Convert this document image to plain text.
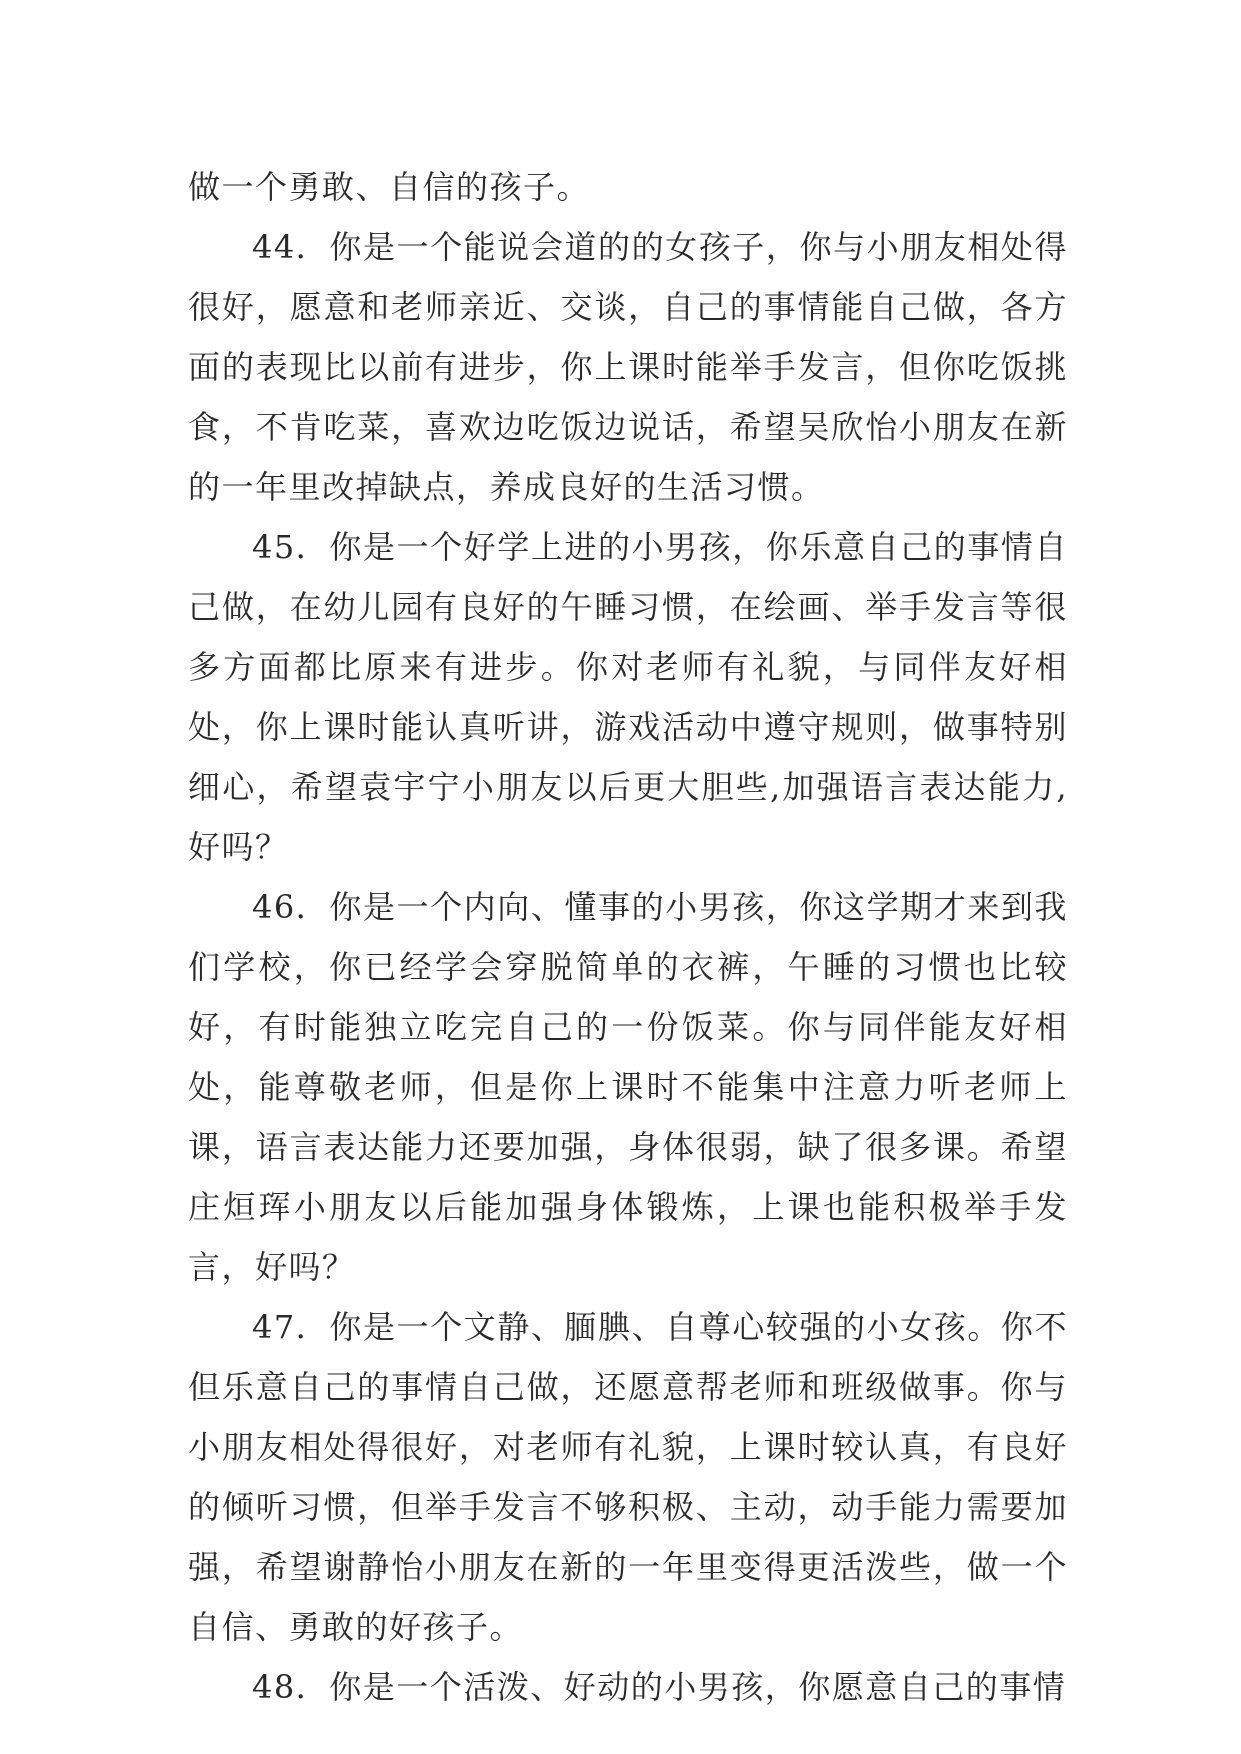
做一个勇敢、自信的孩子。

44．你是一个能说会道的的女孩子，你与小朋友相处得很好，愿意和老师亲近、交谈，自己的事情能自己做，各方面的表现比以前有进步，你上课时能举手发言，但你吃饭挑食，不肯吃菜，喜欢边吃饭边说话，希望吴欣怡小朋友在新的一年里改掉缺点，养成良好的生活习惯。

45．你是一个好学上进的小男孩，你乐意自己的事情自己做，在幼儿园有良好的午睡习惯，在绘画、举手发言等很多方面都比原来有进步。你对老师有礼貌，与同伴友好相处，你上课时能认真听讲，游戏活动中遵守规则，做事特别细心，希望袁宇宁小朋友以后更大胆些,加强语言表达能力,好吗？

46．你是一个内向、懂事的小男孩，你这学期才来到我们学校，你已经学会穿脱简单的衣裤，午睡的习惯也比较好，有时能独立吃完自己的一份饭菜。你与同伴能友好相处，能尊敬老师，但是你上课时不能集中注意力听老师上课，语言表达能力还要加强，身体很弱，缺了很多课。希望庄烜珲小朋友以后能加强身体锻炼，上课也能积极举手发言，好吗？

47．你是一个文静、腼腆、自尊心较强的小女孩。你不但乐意自己的事情自己做，还愿意帮老师和班级做事。你与小朋友相处得很好，对老师有礼貌，上课时较认真，有良好的倾听习惯，但举手发言不够积极、主动，动手能力需要加强，希望谢静怡小朋友在新的一年里变得更活泼些，做一个自信、勇敢的好孩子。

48．你是一个活泼、好动的小男孩，你愿意自己的事情
